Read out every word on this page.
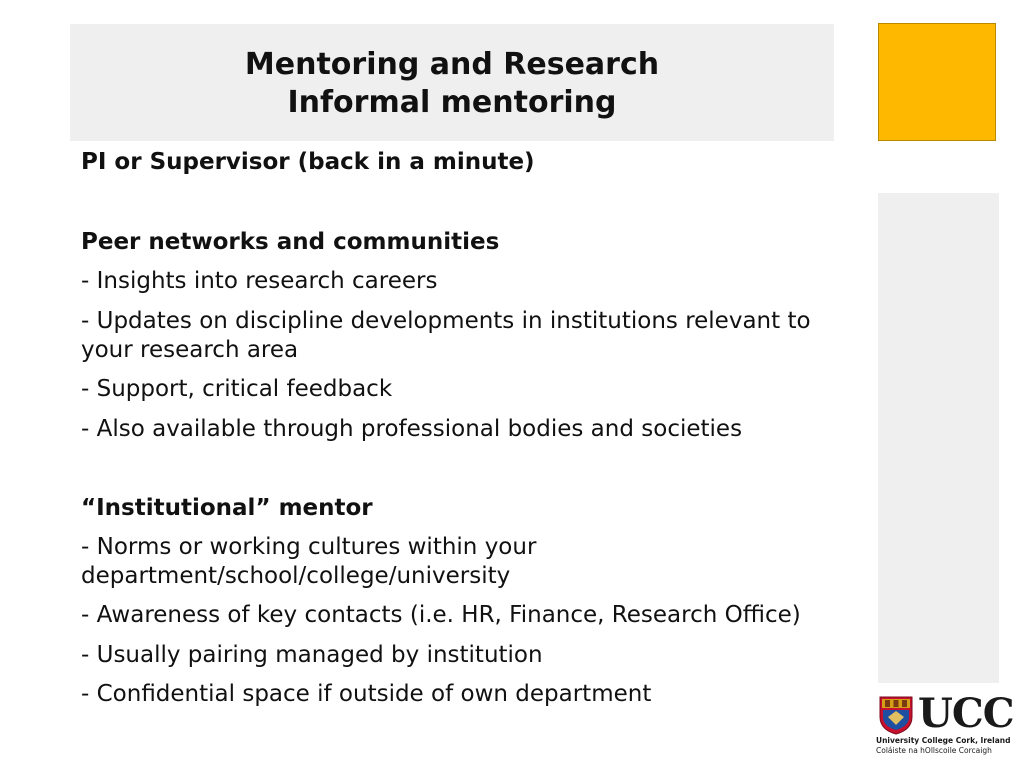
Mentoring and Research
Informal mentoring
PI or Supervisor (back in a minute)
Peer networks and communities
- Insights into research careers
- Updates on discipline developments in institutions relevant to your research area
- Support, critical feedback
- Also available through professional bodies and societies
“Institutional” mentor
- Norms or working cultures within your department/school/college/university
- Awareness of key contacts (i.e. HR, Finance, Research Office)
- Usually pairing managed by institution
- Confidential space if outside of own department	UCC
University College Cork, Ireland
Coláiste na hOllscoile Corcaigh
